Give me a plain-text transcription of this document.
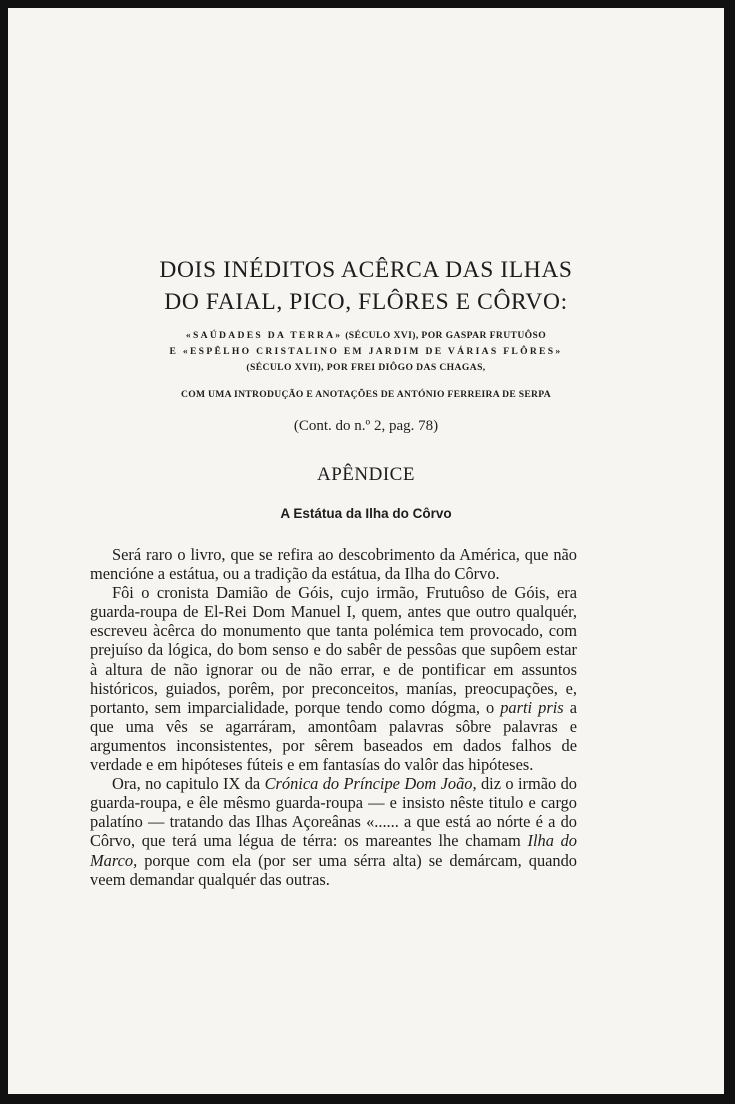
DOIS INÉDITOS ACÊRCA DAS ILHAS
DO FAIAL, PICO, FLÔRES E CÔRVO:
«SAÚDADES DA TERRA» (SÉCULO XVI), POR GASPAR FRUTUÔSO
E «ESPÊLHO CRISTALINO EM JARDIM DE VÁRIAS FLÔRES»
(SÉCULO XVII), POR FREI DIÔGO DAS CHAGAS,
COM UMA INTRODUÇÃO E ANOTAÇÕES DE ANTÓNIO FERREIRA DE SERPA
(Cont. do n.º 2, pag. 78)
APÊNDICE
A Estátua da Ilha do Côrvo

Será raro o livro, que se refira ao descobrimento da América, que não mencióne a estátua, ou a tradição da estátua, da Ilha do Côrvo.

Fôi o cronista Damião de Góis, cujo irmão, Frutuôso de Góis, era guarda-roupa de El-Rei Dom Manuel I, quem, antes que outro qualquér, escreveu àcêrca do monumento que tanta polémica tem provocado, com prejuíso da lógica, do bom senso e do sabêr de pessôas que supôem estar à altura de não ignorar ou de não errar, e de pontificar em assuntos históricos, guiados, porêm, por preconceitos, manías, preocupações, e, portanto, sem imparcialidade, porque tendo como dógma, o parti pris a que uma vês se agarráram, amontôam palavras sôbre palavras e argumentos inconsistentes, por sêrem baseados em dados falhos de verdade e em hipóteses fúteis e em fantasías do valôr das hipóteses.

Ora, no capitulo IX da Crónica do Príncipe Dom João, diz o irmão do guarda-roupa, e êle mêsmo guarda-roupa — e insisto nêste titulo e cargo palatíno — tratando das Ilhas Açoreânas «...... a que está ao nórte é a do Côrvo, que terá uma légua de térra: os mareantes lhe chamam Ilha do Marco, porque com ela (por ser uma sérra alta) se demárcam, quando veem demandar qualquér das outras.
